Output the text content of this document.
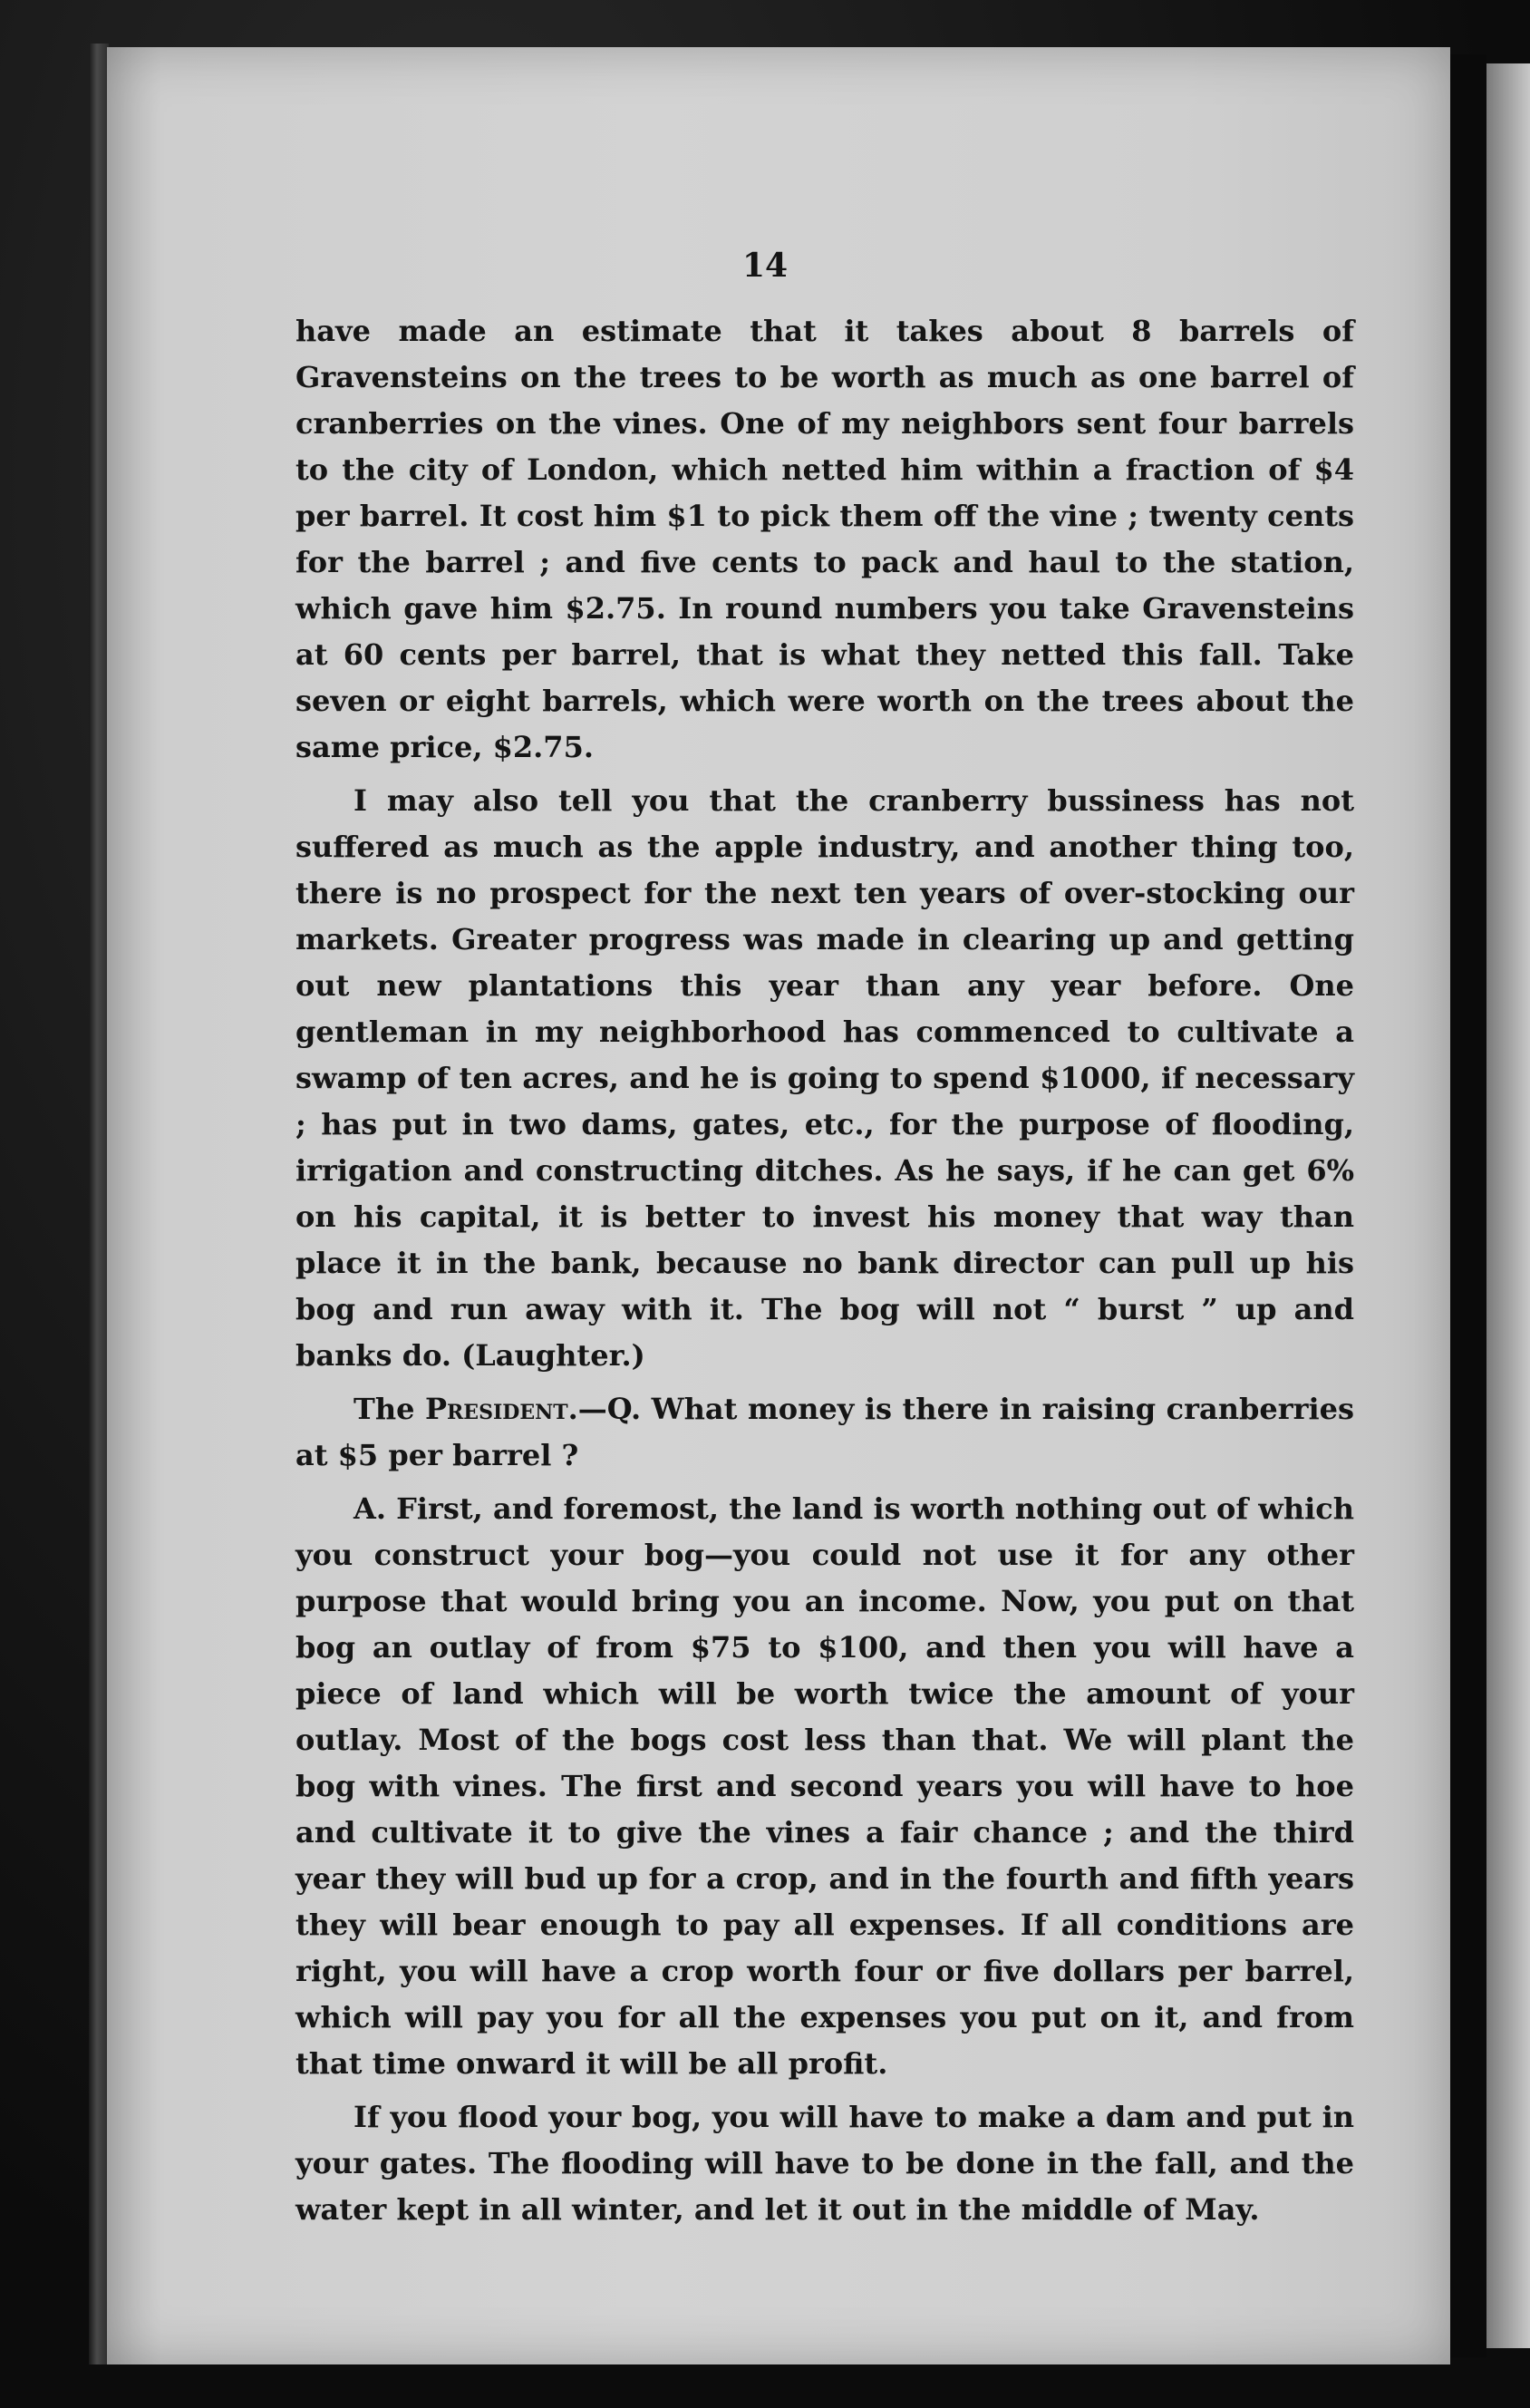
14

have made an estimate that it takes about 8 barrels of Gravensteins on the trees to be worth as much as one barrel of cranberries on the vines. One of my neighbors sent four barrels to the city of London, which netted him within a fraction of $4 per barrel. It cost him $1 to pick them off the vine ; twenty cents for the barrel ; and five cents to pack and haul to the station, which gave him $2.75. In round numbers you take Gravensteins at 60 cents per barrel, that is what they netted this fall. Take seven or eight barrels, which were worth on the trees about the same price, $2.75.

I may also tell you that the cranberry bussiness has not suffered as much as the apple industry, and another thing too, there is no prospect for the next ten years of over-stocking our markets. Greater progress was made in clearing up and getting out new plantations this year than any year before. One gentleman in my neighborhood has commenced to cultivate a swamp of ten acres, and he is going to spend $1000, if necessary ; has put in two dams, gates, etc., for the purpose of flooding, irrigation and constructing ditches. As he says, if he can get 6% on his capital, it is better to invest his money that way than place it in the bank, because no bank director can pull up his bog and run away with it. The bog will not “ burst ” up and banks do. (Laughter.)

The President.—Q. What money is there in raising cranberries at $5 per barrel ?

A. First, and foremost, the land is worth nothing out of which you construct your bog—you could not use it for any other purpose that would bring you an income. Now, you put on that bog an outlay of from $75 to $100, and then you will have a piece of land which will be worth twice the amount of your outlay. Most of the bogs cost less than that. We will plant the bog with vines. The first and second years you will have to hoe and cultivate it to give the vines a fair chance ; and the third year they will bud up for a crop, and in the fourth and fifth years they will bear enough to pay all expenses. If all conditions are right, you will have a crop worth four or five dollars per barrel, which will pay you for all the expenses you put on it, and from that time onward it will be all profit.

If you flood your bog, you will have to make a dam and put in your gates. The flooding will have to be done in the fall, and the water kept in all winter, and let it out in the middle of May.
